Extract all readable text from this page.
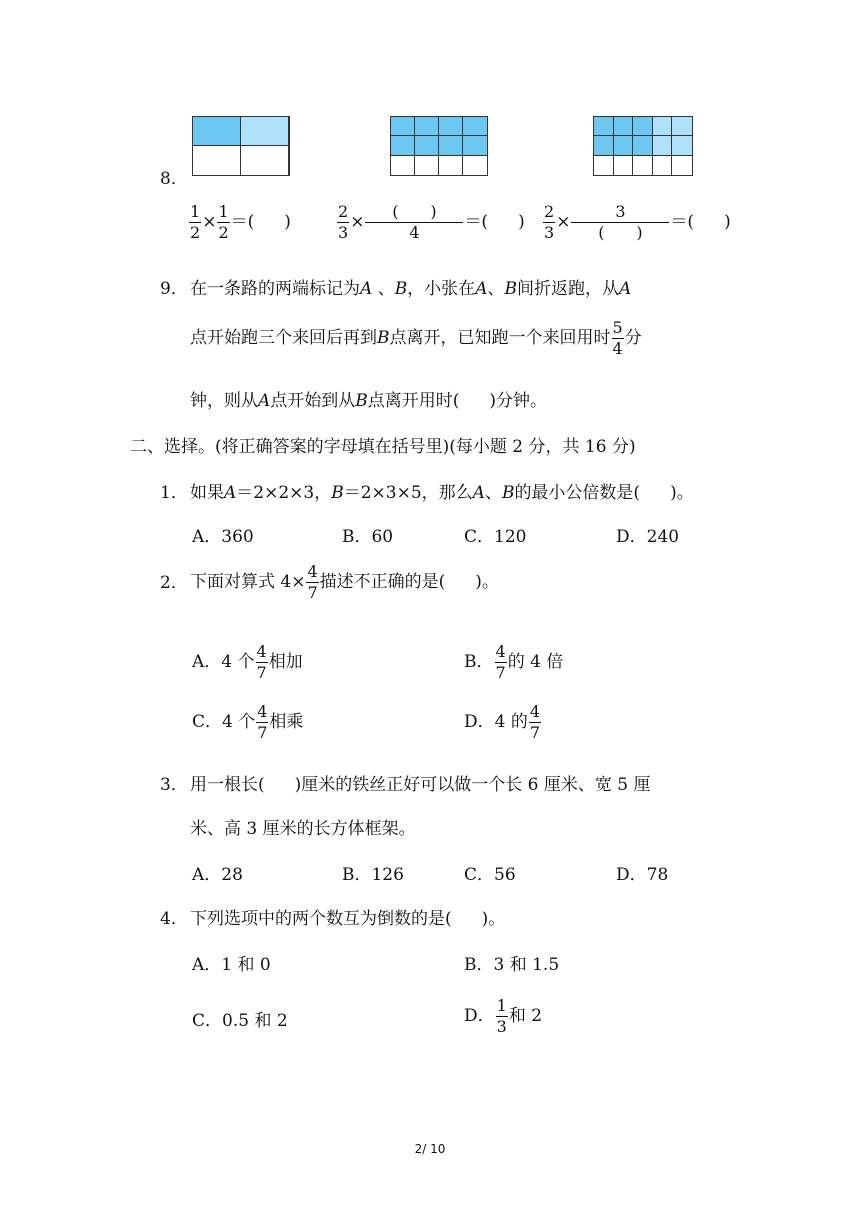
8．
$\frac{1}{2} \times \frac{1}{2}$ ＝( )	$\frac{2}{3} \times \frac{( )}{4}$ ＝( ) $\frac{2}{3} \times \frac{3}{( )}$ ＝( )
9． 在一条路的两端标记为A 、B，小张在A、B间折返跑，从A
点开始跑三个来回后再到B点离开，已知跑一个来回用时 $\frac{5}{4}$ 分
钟，则从A点开始到从B点离开用时( )分钟。
二、选择。(将正确答案的字母填在括号里)(每小题 2 分，共 16 分)
1． 如果A＝2×2×3，B＝2×3×5，那么A、B的最小公倍数是( )。
A．360	B．60	C．120	D．240
2． 下面对算式 $4\times \frac{4}{7}$ 描述不正确的是( )。
A．4 个 $\frac{4}{7}$ 相加	B． $\frac{4}{7}$ 的 4 倍
C．4 个 $\frac{4}{7}$ 相乘	D．4 的 $\frac{4}{7}$
3． 用一根长( )厘米的铁丝正好可以做一个长 6 厘米、宽 5 厘
米、高 3 厘米的长方体框架。
A．28	B．126	C．56	D．78
4． 下列选项中的两个数互为倒数的是( )。
A．1 和 0	B．3 和 1.5
C．0.5 和 2	D． $\frac{1}{3}$ 和 2
2/ 10
